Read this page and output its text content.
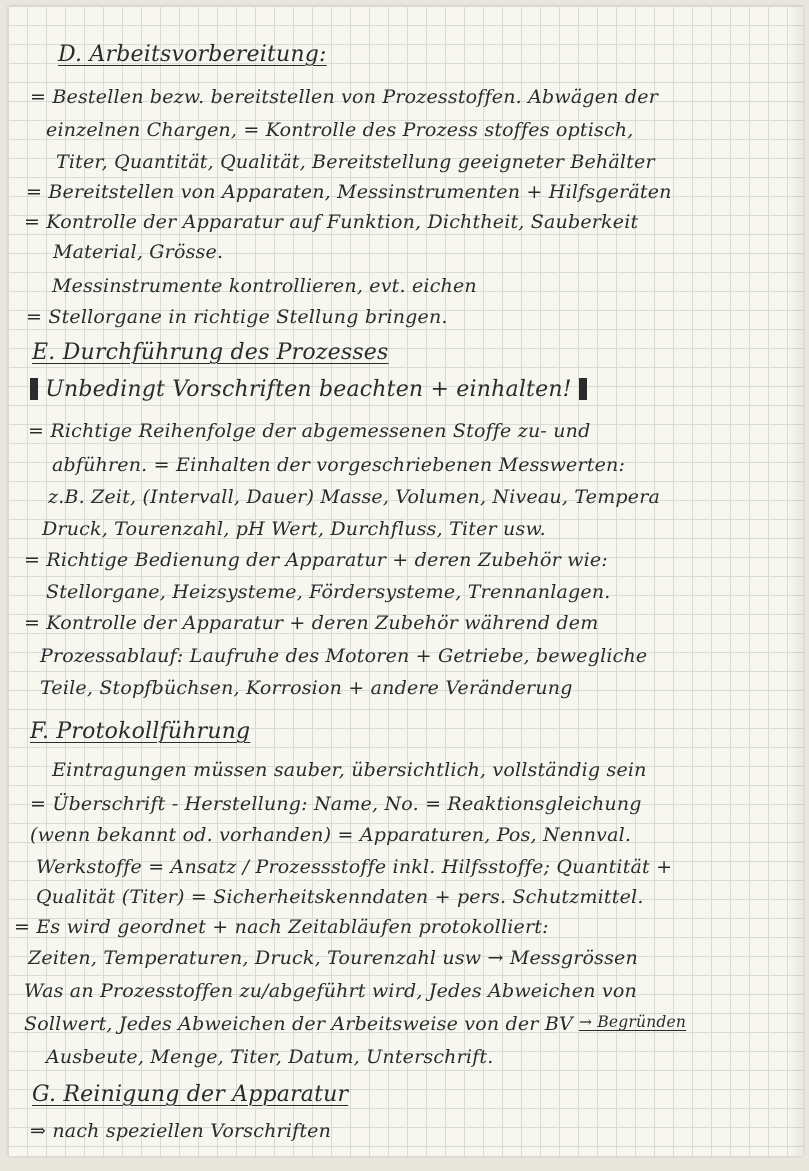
D. Arbeitsvorbereitung:
= Bestellen bezw. bereitstellen von Prozesstoffen. Abwägen der
einzelnen Chargen, = Kontrolle des Prozess stoffes optisch,
Titer, Quantität, Qualität, Bereitstellung geeigneter Behälter
= Bereitstellen von Apparaten, Messinstrumenten + Hilfsgeräten
= Kontrolle der Apparatur auf Funktion, Dichtheit, Sauberkeit
Material, Grösse.
Messinstrumente kontrollieren, evt. eichen
= Stellorgane in richtige Stellung bringen.
E. Durchführung des Prozesses
Unbedingt Vorschriften beachten + einhalten!
= Richtige Reihenfolge der abgemessenen Stoffe zu- und
abführen. = Einhalten der vorgeschriebenen Messwerten:
z.B. Zeit, (Intervall, Dauer) Masse, Volumen, Niveau, Tempera
Druck, Tourenzahl, pH Wert, Durchfluss, Titer usw.
= Richtige Bedienung der Apparatur + deren Zubehör wie:
Stellorgane, Heizsysteme, Fördersysteme, Trennanlagen.
= Kontrolle der Apparatur + deren Zubehör während dem
Prozessablauf: Laufruhe des Motoren + Getriebe, bewegliche
Teile, Stopfbüchsen, Korrosion + andere Veränderung
F. Protokollführung
Eintragungen müssen sauber, übersichtlich, vollständig sein
= Überschrift - Herstellung: Name, No. = Reaktionsgleichung
(wenn bekannt od. vorhanden) = Apparaturen, Pos, Nennval.
Werkstoffe = Ansatz / Prozessstoffe inkl. Hilfsstoffe; Quantität +
Qualität (Titer) = Sicherheitskenndaten + pers. Schutzmittel.
= Es wird geordnet + nach Zeitabläufen protokolliert:
Zeiten, Temperaturen, Druck, Tourenzahl usw → Messgrössen
Was an Prozesstoffen zu/abgeführt wird, Jedes Abweichen von
Sollwert, Jedes Abweichen der Arbeitsweise von der BV → Begründen
Ausbeute, Menge, Titer, Datum, Unterschrift.
G. Reinigung der Apparatur
⇒ nach speziellen Vorschriften
